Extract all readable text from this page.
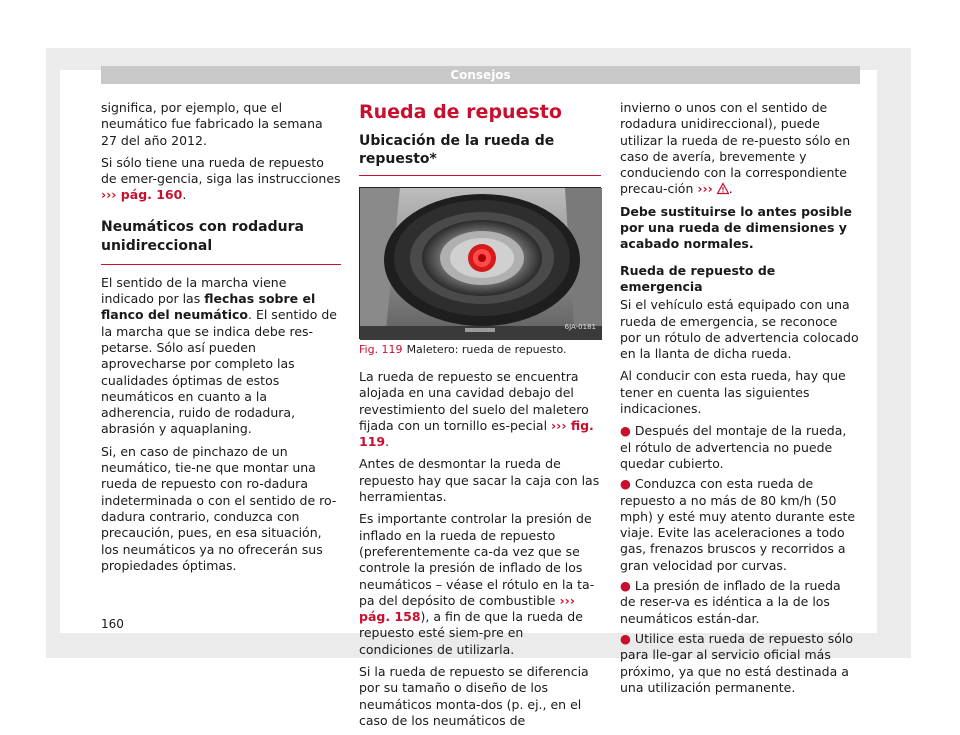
Consejos

significa, por ejemplo, que el neumático fue fabricado la semana 27 del año 2012.

Si sólo tiene una rueda de repuesto de emer-gencia, siga las instrucciones ››› pág. 160.

Neumáticos con rodadura unidireccional

El sentido de la marcha viene indicado por las flechas sobre el flanco del neumático. El sentido de la marcha que se indica debe res-petarse. Sólo así pueden aprovecharse por completo las cualidades óptimas de estos neumáticos en cuanto a la adherencia, ruido de rodadura, abrasión y aquaplaning.

Si, en caso de pinchazo de un neumático, tie-ne que montar una rueda de repuesto con ro-dadura indeterminada o con el sentido de ro-dadura contrario, conduzca con precaución, pues, en esa situación, los neumáticos ya no ofrecerán sus propiedades óptimas.

Rueda de repuesto
Ubicación de la rueda de repuesto*
6JA-0181
Fig. 119 Maletero: rueda de repuesto.

La rueda de repuesto se encuentra alojada en una cavidad debajo del revestimiento del suelo del maletero fijada con un tornillo es-pecial ››› fig. 119.

Antes de desmontar la rueda de repuesto hay que sacar la caja con las herramientas.

Es importante controlar la presión de inflado en la rueda de repuesto (preferentemente ca-da vez que se controle la presión de inflado de los neumáticos – véase el rótulo en la ta-pa del depósito de combustible ››› pág. 158), a fin de que la rueda de repuesto esté siem-pre en condiciones de utilizarla.

Si la rueda de repuesto se diferencia por su tamaño o diseño de los neumáticos monta-dos (p. ej., en el caso de los neumáticos de

invierno o unos con el sentido de rodadura unidireccional), puede utilizar la rueda de re-puesto sólo en caso de avería, brevemente y conduciendo con la correspondiente precau-ción ››› .

Debe sustituirse lo antes posible por una rueda de dimensiones y acabado normales.

Rueda de repuesto de emergencia

Si el vehículo está equipado con una rueda de emergencia, se reconoce por un rótulo de advertencia colocado en la llanta de dicha rueda.

Al conducir con esta rueda, hay que tener en cuenta las siguientes indicaciones.

● Después del montaje de la rueda, el rótulo de advertencia no puede quedar cubierto.
● Conduzca con esta rueda de repuesto a no más de 80 km/h (50 mph) y esté muy atento durante este viaje. Evite las aceleraciones a todo gas, frenazos bruscos y recorridos a gran velocidad por curvas.
● La presión de inflado de la rueda de reser-va es idéntica a la de los neumáticos están-dar.
● Utilice esta rueda de repuesto sólo para lle-gar al servicio oficial más próximo, ya que no está destinada a una utilización permanente.
160
